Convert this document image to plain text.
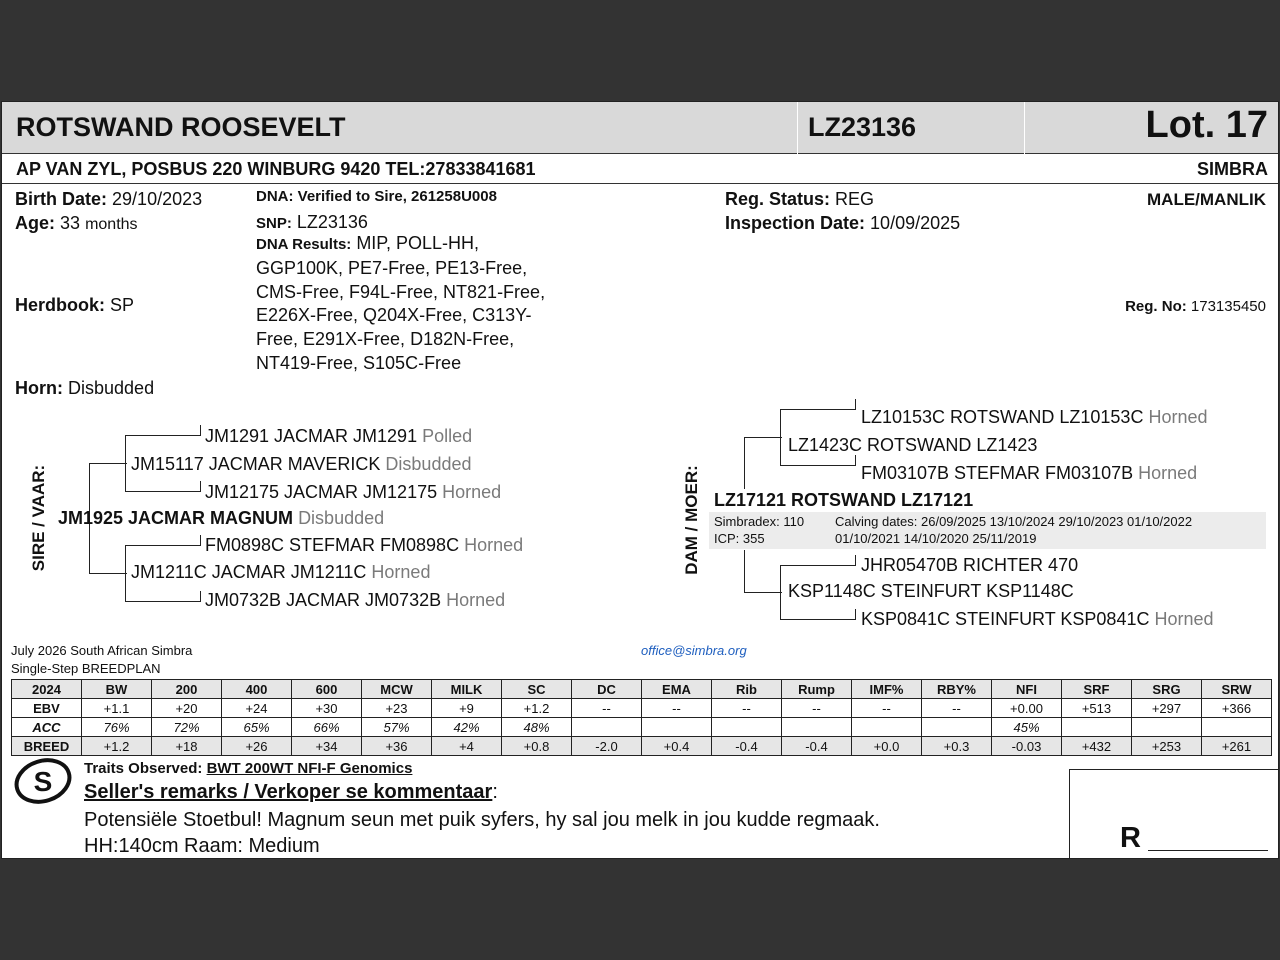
ROTSWAND ROOSEVELT	LZ23136	Lot. 17
AP VAN ZYL, POSBUS 220 WINBURG 9420 TEL:27833841681	SIMBRA
Birth Date: 29/10/2023
Age: 33 months
Herdbook: SP
Horn: Disbudded
DNA: Verified to Sire, 261258U008
SNP: LZ23136
DNA Results: MIP, POLL-HH, GGP100K, PE7-Free, PE13-Free, CMS-Free, F94L-Free, NT821-Free, E226X-Free, Q204X-Free, C313Y-Free, E291X-Free, D182N-Free, NT419-Free, S105C-Free
Reg. Status: REG
Inspection Date: 10/09/2025
MALE/MANLIK
Reg. No: 173135450
SIRE / VAAR:
JM1291 JACMAR JM1291 Polled
JM15117 JACMAR MAVERICK Disbudded
JM12175 JACMAR JM12175 Horned
JM1925 JACMAR MAGNUM Disbudded
FM0898C STEFMAR FM0898C Horned
JM1211C JACMAR JM1211C Horned
JM0732B JACMAR JM0732B Horned
DAM / MOER:
LZ10153C ROTSWAND LZ10153C Horned
LZ1423C ROTSWAND LZ1423
FM03107B STEFMAR FM03107B Horned
LZ17121 ROTSWAND LZ17121
Simbradex: 110
ICP: 355
Calving dates: 26/09/2025 13/10/2024 29/10/2023 01/10/2022
01/10/2021 14/10/2020 25/11/2019
JHR05470B RICHTER 470
KSP1148C STEINFURT KSP1148C
KSP0841C STEINFURT KSP0841C Horned
July 2026 South African Simbra
Single-Step BREEDPLAN
office@simbra.org
2024	BW	200	400	600	MCW	MILK	SC	DC	EMA	Rib	Rump	IMF%	RBY%	NFI	SRF	SRG	SRW
EBV	+1.1	+20	+24	+30	+23	+9	+1.2	--	--	--	--	--	--	+0.00	+513	+297	+366
ACC	76%	72%	65%	66%	57%	42%	48%							45%			
BREED	+1.2	+18	+26	+34	+36	+4	+0.8	-2.0	+0.4	-0.4	-0.4	+0.0	+0.3	-0.03	+432	+253	+261
S Traits Observed: BWT 200WT NFI-F Genomics
Seller's remarks / Verkoper se kommentaar:
Potensiële Stoetbul! Magnum seun met puik syfers, hy sal jou melk in jou kudde regmaak.
HH:140cm Raam: Medium	R
